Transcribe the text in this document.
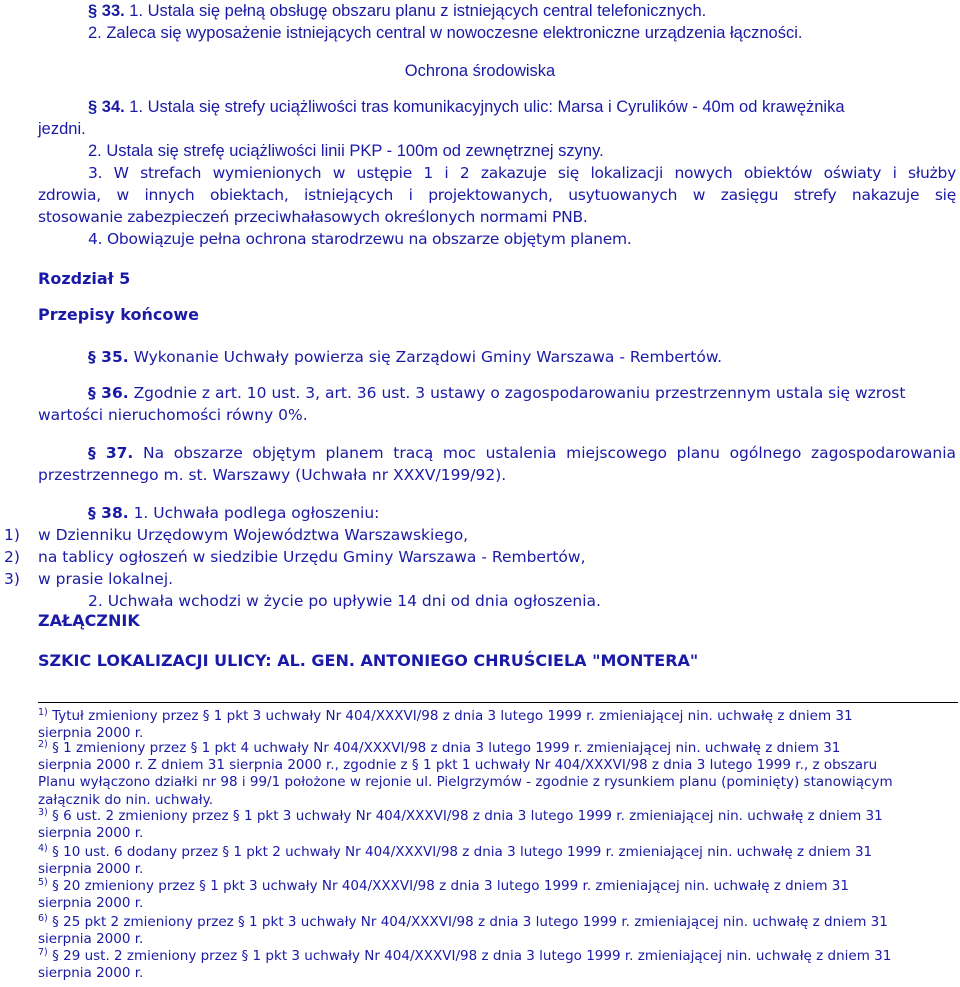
§ 33. 1. Ustala się pełną obsługę obszaru planu z istniejących central telefonicznych.
2. Zaleca się wyposażenie istniejących central w nowoczesne elektroniczne urządzenia łączności.
Ochrona środowiska
§ 34. 1. Ustala się strefy uciążliwości tras komunikacyjnych ulic: Marsa i Cyrulików - 40m od krawężnika
jezdni.
2. Ustala się strefę uciążliwości linii PKP - 100m od zewnętrznej szyny.
3. W strefach wymienionych w ustępie 1 i 2 zakazuje się lokalizacji nowych obiektów oświaty i służby
zdrowia, w innych obiektach, istniejących i projektowanych, usytuowanych w zasięgu strefy nakazuje się
stosowanie zabezpieczeń przeciwhałasowych określonych normami PNB.
4. Obowiązuje pełna ochrona starodrzewu na obszarze objętym planem.
Rozdział 5
Przepisy końcowe
§ 35. Wykonanie Uchwały powierza się Zarządowi Gminy Warszawa - Rembertów.
§ 36. Zgodnie z art. 10 ust. 3, art. 36 ust. 3 ustawy o zagospodarowaniu przestrzennym ustala się wzrost
wartości nieruchomości równy 0%.
§ 37. Na obszarze objętym planem tracą moc ustalenia miejscowego planu ogólnego zagospodarowania
przestrzennego m. st. Warszawy (Uchwała nr XXXV/199/92).
§ 38. 1. Uchwała podlega ogłoszeniu:
1) w Dzienniku Urzędowym Województwa Warszawskiego,
2) na tablicy ogłoszeń w siedzibie Urzędu Gminy Warszawa - Rembertów,
3) w prasie lokalnej.
2. Uchwała wchodzi w życie po upływie 14 dni od dnia ogłoszenia.
ZAŁĄCZNIK
SZKIC LOKALIZACJI ULICY: AL. GEN. ANTONIEGO CHRUŚCIELA "MONTERA"
$^{1)}$ Tytuł zmieniony przez § 1 pkt 3 uchwały Nr 404/XXXVI/98 z dnia 3 lutego 1999 r. zmieniającej nin. uchwałę z dniem 31
sierpnia 2000 r.
$^{2)}$ § 1 zmieniony przez § 1 pkt 4 uchwały Nr 404/XXXVI/98 z dnia 3 lutego 1999 r. zmieniającej nin. uchwałę z dniem 31
sierpnia 2000 r. Z dniem 31 sierpnia 2000 r., zgodnie z § 1 pkt 1 uchwały Nr 404/XXXVI/98 z dnia 3 lutego 1999 r., z obszaru
Planu wyłączono działki nr 98 i 99/1 położone w rejonie ul. Pielgrzymów - zgodnie z rysunkiem planu (pominięty) stanowiącym
załącznik do nin. uchwały.
$^{3)}$ § 6 ust. 2 zmieniony przez § 1 pkt 3 uchwały Nr 404/XXXVI/98 z dnia 3 lutego 1999 r. zmieniającej nin. uchwałę z dniem 31
sierpnia 2000 r.
$^{4)}$ § 10 ust. 6 dodany przez § 1 pkt 2 uchwały Nr 404/XXXVI/98 z dnia 3 lutego 1999 r. zmieniającej nin. uchwałę z dniem 31
sierpnia 2000 r.
$^{5)}$ § 20 zmieniony przez § 1 pkt 3 uchwały Nr 404/XXXVI/98 z dnia 3 lutego 1999 r. zmieniającej nin. uchwałę z dniem 31
sierpnia 2000 r.
$^{6)}$ § 25 pkt 2 zmieniony przez § 1 pkt 3 uchwały Nr 404/XXXVI/98 z dnia 3 lutego 1999 r. zmieniającej nin. uchwałę z dniem 31
sierpnia 2000 r.
$^{7)}$ § 29 ust. 2 zmieniony przez § 1 pkt 3 uchwały Nr 404/XXXVI/98 z dnia 3 lutego 1999 r. zmieniającej nin. uchwałę z dniem 31
sierpnia 2000 r.
